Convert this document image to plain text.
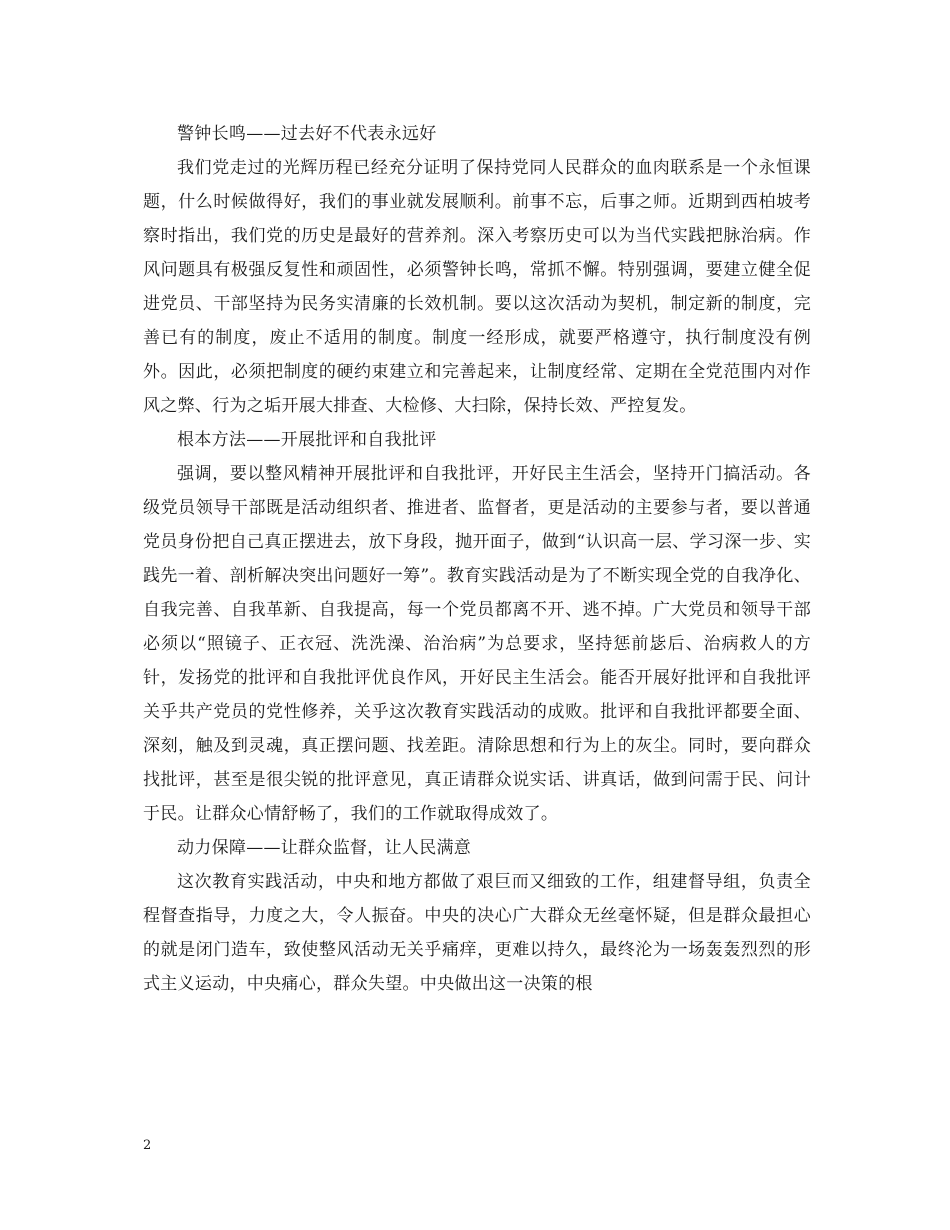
警钟长鸣——过去好不代表永远好

我们党走过的光辉历程已经充分证明了保持党同人民群众的血肉联系是一个永恒课题，什么时候做得好，我们的事业就发展顺利。前事不忘，后事之师。近期到西柏坡考察时指出，我们党的历史是最好的营养剂。深入考察历史可以为当代实践把脉治病。作风问题具有极强反复性和顽固性，必须警钟长鸣，常抓不懈。特别强调，要建立健全促进党员、干部坚持为民务实清廉的长效机制。要以这次活动为契机，制定新的制度，完善已有的制度，废止不适用的制度。制度一经形成，就要严格遵守，执行制度没有例外。因此，必须把制度的硬约束建立和完善起来，让制度经常、定期在全党范围内对作风之弊、行为之垢开展大排查、大检修、大扫除，保持长效、严控复发。

根本方法——开展批评和自我批评

强调，要以整风精神开展批评和自我批评，开好民主生活会，坚持开门搞活动。各级党员领导干部既是活动组织者、推进者、监督者，更是活动的主要参与者，要以普通党员身份把自己真正摆进去，放下身段，抛开面子，做到“认识高一层、学习深一步、实践先一着、剖析解决突出问题好一筹”。教育实践活动是为了不断实现全党的自我净化、自我完善、自我革新、自我提高，每一个党员都离不开、逃不掉。广大党员和领导干部必须以“照镜子、正衣冠、洗洗澡、治治病”为总要求，坚持惩前毖后、治病救人的方针，发扬党的批评和自我批评优良作风，开好民主生活会。能否开展好批评和自我批评关乎共产党员的党性修养，关乎这次教育实践活动的成败。批评和自我批评都要全面、深刻，触及到灵魂，真正摆问题、找差距。清除思想和行为上的灰尘。同时，要向群众找批评，甚至是很尖锐的批评意见，真正请群众说实话、讲真话，做到问需于民、问计于民。让群众心情舒畅了，我们的工作就取得成效了。

动力保障——让群众监督，让人民满意

这次教育实践活动，中央和地方都做了艰巨而又细致的工作，组建督导组，负责全程督查指导，力度之大，令人振奋。中央的决心广大群众无丝毫怀疑，但是群众最担心的就是闭门造车，致使整风活动无关乎痛痒，更难以持久，最终沦为一场轰轰烈烈的形式主义运动，中央痛心，群众失望。中央做出这一决策的根

2
